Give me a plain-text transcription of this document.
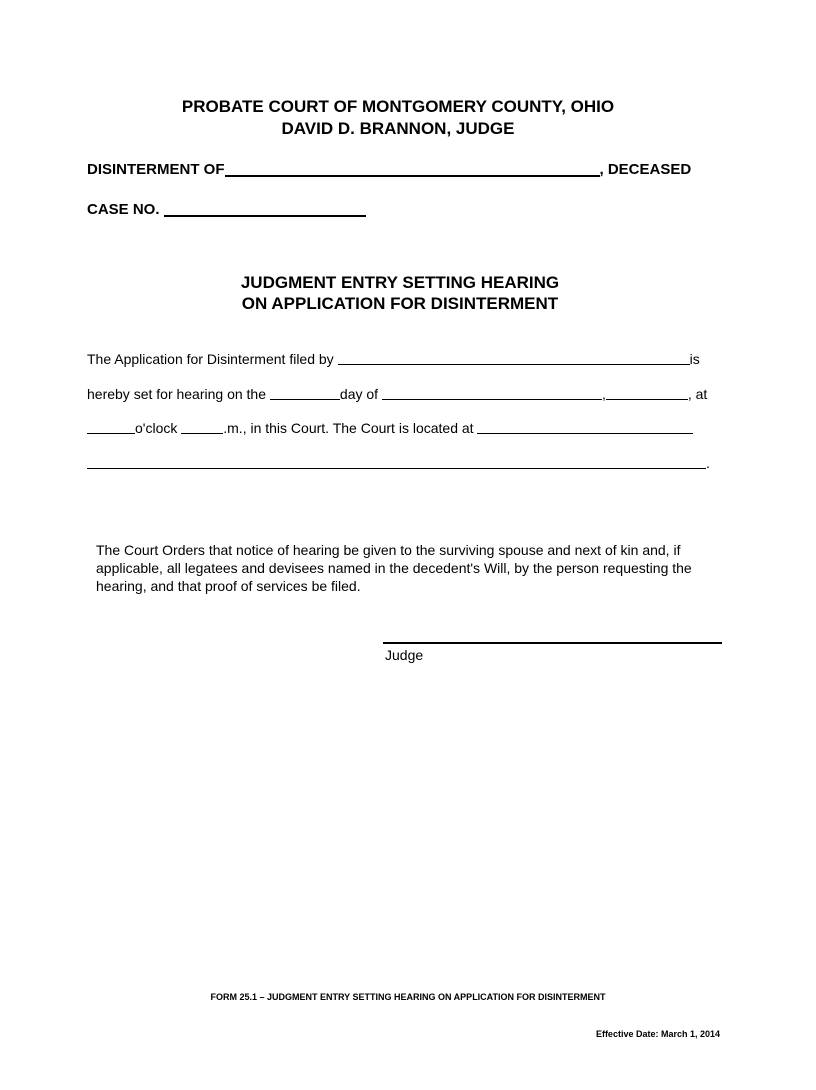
PROBATE COURT OF MONTGOMERY COUNTY, OHIO
DAVID D. BRANNON, JUDGE
DISINTERMENT OF	, DECEASED
CASE NO.

JUDGMENT ENTRY SETTING HEARING
ON APPLICATION FOR DISINTERMENT
The Application for Disinterment filed by
	is
hereby set for hearing on the
	day of
	,	, at
o'clock
	.m., in this Court. The Court is located at

.
The Court Orders that notice of hearing be given to the surviving spouse and next of kin and, if applicable, all legatees and devisees named in the decedent's Will, by the person requesting the hearing, and that proof of services be filed.
Judge
FORM 25.1 – JUDGMENT ENTRY SETTING HEARING ON APPLICATION FOR DISINTERMENT
Effective Date: March 1, 2014
